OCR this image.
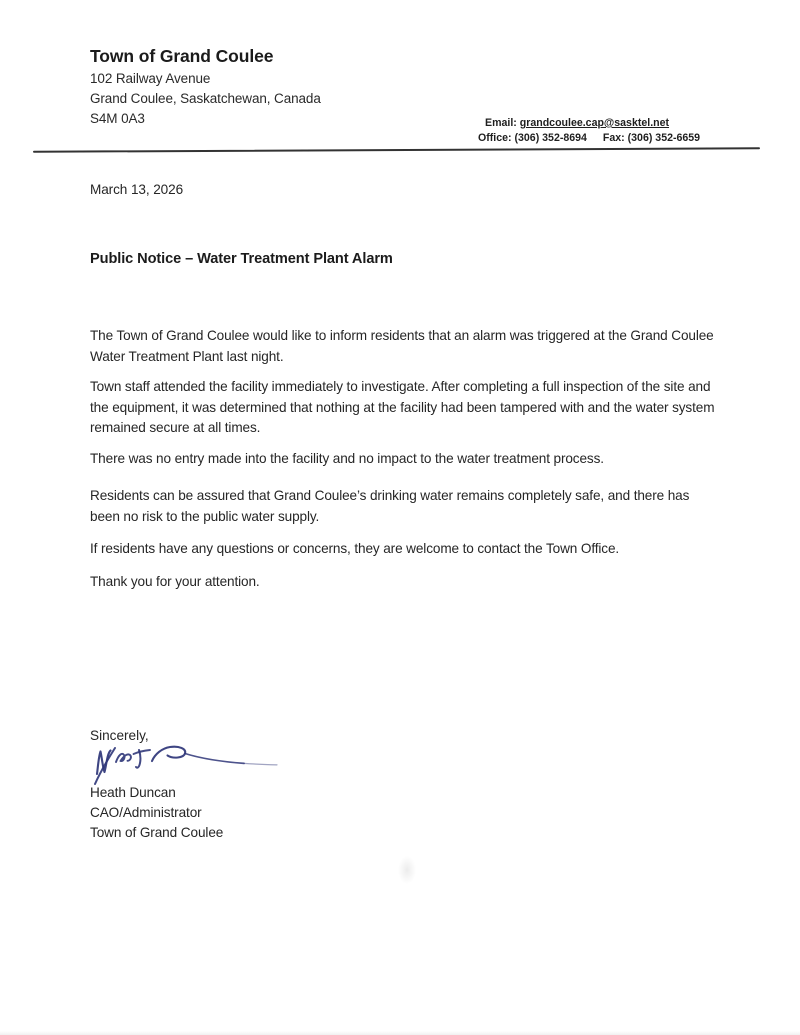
Town of Grand Coulee
102 Railway Avenue
Grand Coulee, Saskatchewan, Canada
S4M 0A3	Email: grandcoulee.cap@sasktel.net
Office: (306) 352-8694 Fax: (306) 352-6659
March 13, 2026
Public Notice – Water Treatment Plant Alarm

The Town of Grand Coulee would like to inform residents that an alarm was triggered at the Grand Coulee Water Treatment Plant last night.

Town staff attended the facility immediately to investigate. After completing a full inspection of the site and the equipment, it was determined that nothing at the facility had been tampered with and the water system remained secure at all times.

There was no entry made into the facility and no impact to the water treatment process.

Residents can be assured that Grand Coulee’s drinking water remains completely safe, and there has been no risk to the public water supply.

If residents have any questions or concerns, they are welcome to contact the Town Office.

Thank you for your attention.

Sincerely,
Heath Duncan
CAO/Administrator
Town of Grand Coulee
